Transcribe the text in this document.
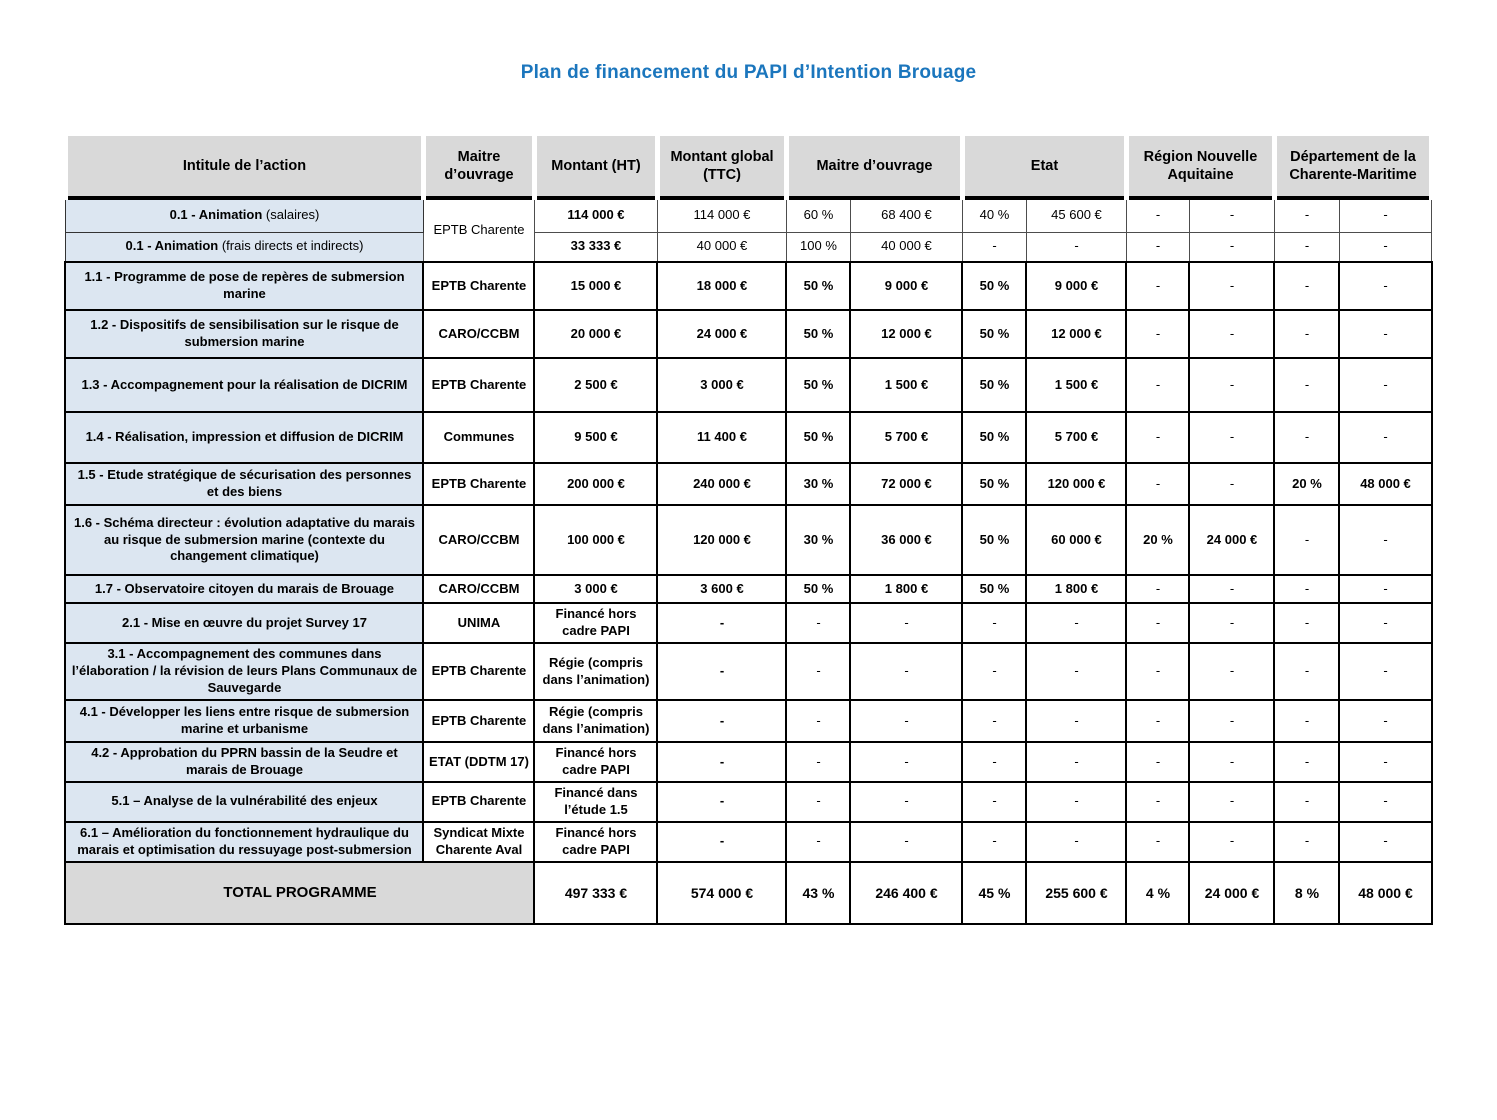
Plan de financement du PAPI d’Intention Brouage
Intitule de l’action	Maitre d’ouvrage	Montant (HT)	Montant global (TTC)	Maitre d’ouvrage		Etat		Région Nouvelle Aquitaine		Département de la Charente-Maritime	
0.1 - Animation (salaires)	EPTB Charente	114 000 €	114 000 €	60 %	68 400 €	40 %	45 600 €	-	-	-	-
0.1 - Animation (frais directs et indirects)		33 333 €	40 000 €	100 %	40 000 €	-	-	-	-	-	-
1.1 - Programme de pose de repères de submersion marine	EPTB Charente	15 000 €	18 000 €	50 %	9 000 €	50 %	9 000 €	-	-	-	-
1.2 - Dispositifs de sensibilisation sur le risque de submersion marine	CARO/CCBM	20 000 €	24 000 €	50 %	12 000 €	50 %	12 000 €	-	-	-	-
1.3 - Accompagnement pour la réalisation de DICRIM	EPTB Charente	2 500 €	3 000 €	50 %	1 500 €	50 %	1 500 €	-	-	-	-
1.4 - Réalisation, impression et diffusion de DICRIM	Communes	9 500 €	11 400 €	50 %	5 700 €	50 %	5 700 €	-	-	-	-
1.5 - Etude stratégique de sécurisation des personnes et des biens	EPTB Charente	200 000 €	240 000 €	30 %	72 000 €	50 %	120 000 €	-	-	20 %	48 000 €
1.6 - Schéma directeur : évolution adaptative du marais au risque de submersion marine (contexte du changement climatique)	CARO/CCBM	100 000 €	120 000 €	30 %	36 000 €	50 %	60 000 €	20 %	24 000 €	-	-
1.7 - Observatoire citoyen du marais de Brouage	CARO/CCBM	3 000 €	3 600 €	50 %	1 800 €	50 %	1 800 €	-	-	-	-
2.1 - Mise en œuvre du projet Survey 17	UNIMA	Financé hors cadre PAPI	-	-	-	-	-	-	-	-	-
3.1 - Accompagnement des communes dans l’élaboration / la révision de leurs Plans Communaux de Sauvegarde	EPTB Charente	Régie (compris dans l’animation)	-	-	-	-	-	-	-	-	-
4.1 - Développer les liens entre risque de submersion marine et urbanisme	EPTB Charente	Régie (compris dans l’animation)	-	-	-	-	-	-	-	-	-
4.2 - Approbation du PPRN bassin de la Seudre et marais de Brouage	ETAT (DDTM 17)	Financé hors cadre PAPI	-	-	-	-	-	-	-	-	-
5.1 – Analyse de la vulnérabilité des enjeux	EPTB Charente	Financé dans l’étude 1.5	-	-	-	-	-	-	-	-	-
6.1 – Amélioration du fonctionnement hydraulique du marais et optimisation du ressuyage post-submersion	Syndicat Mixte Charente Aval	Financé hors cadre PAPI	-	-	-	-	-	-	-	-	-
TOTAL PROGRAMME		497 333 €	574 000 €	43 %	246 400 €	45 %	255 600 €	4 %	24 000 €	8 %	48 000 €
